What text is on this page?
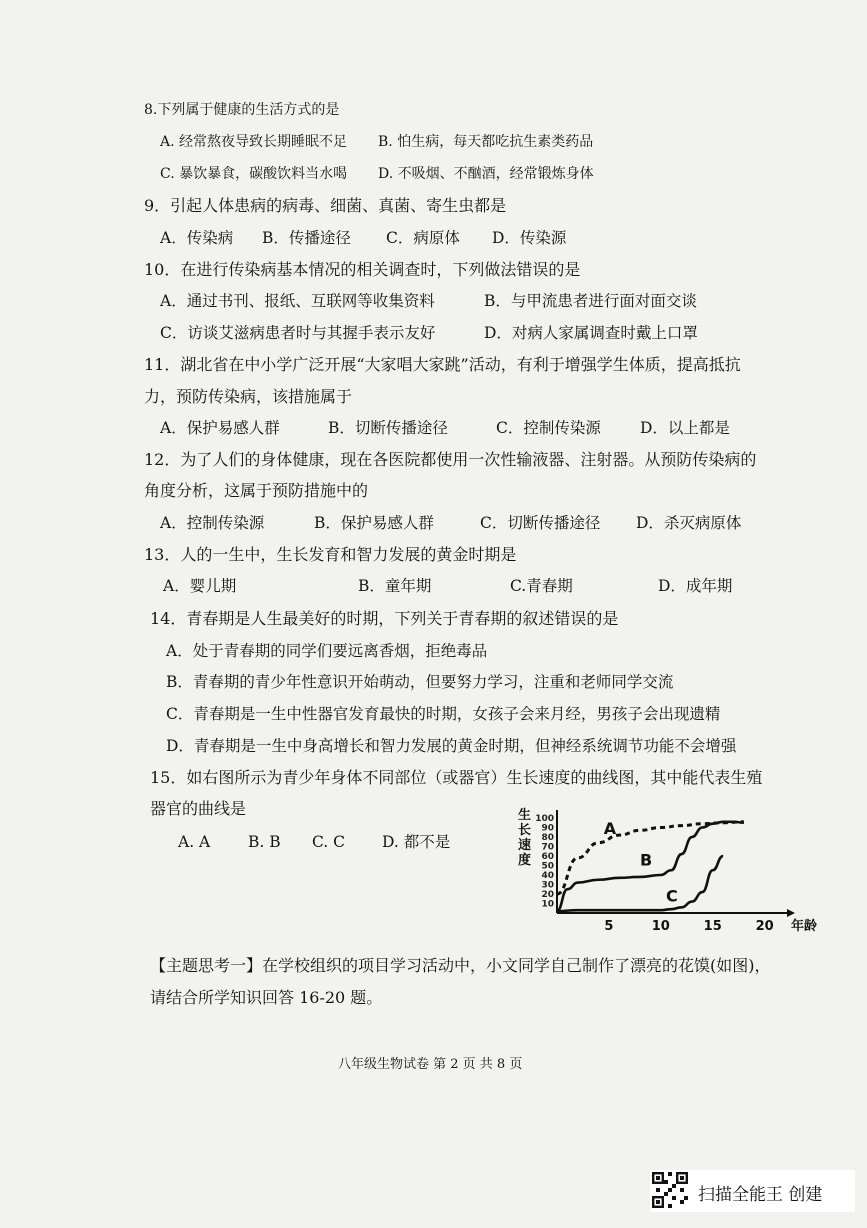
8.下列属于健康的生活方式的是
A. 经常熬夜导致长期睡眠不足 B. 怕生病，每天都吃抗生素类药品
C. 暴饮暴食，碳酸饮料当水喝 D. 不吸烟、不酗酒，经常锻炼身体
9．引起人体患病的病毒、细菌、真菌、寄生虫都是
A．传染病 B．传播途径 C．病原体 D．传染源
10．在进行传染病基本情况的相关调查时，下列做法错误的是
A．通过书刊、报纸、互联网等收集资料	B．与甲流患者进行面对面交谈
C．访谈艾滋病患者时与其握手表示友好	D．对病人家属调查时戴上口罩
11．湖北省在中小学广泛开展“大家唱大家跳”活动，有利于增强学生体质，提高抵抗
力，预防传染病，该措施属于
A．保护易感人群	B．切断传播途径	C．控制传染源	D．以上都是
12．为了人们的身体健康，现在各医院都使用一次性输液器、注射器。从预防传染病的
角度分析，这属于预防措施中的
A．控制传染源	B．保护易感人群	C．切断传播途径 D．杀灭病原体
13．人的一生中，生长发育和智力发展的黄金时期是
A．婴儿期	B．童年期	C.青春期	D．成年期
14．青春期是人生最美好的时期，下列关于青春期的叙述错误的是
A．处于青春期的同学们要远离香烟，拒绝毒品
B．青春期的青少年性意识开始萌动，但要努力学习，注重和老师同学交流
C．青春期是一生中性器官发育最快的时期，女孩子会来月经，男孩子会出现遗精
D．青春期是一生中身高增长和智力发展的黄金时期，但神经系统调节功能不会增强
15．如右图所示为青少年身体不同部位（或器官）生长速度的曲线图，其中能代表生殖
器官的曲线是
A. A B. B C. C D. 都不是
生
长
速
度
100
90
80
70
60
50
40
30
20
10
5	10	15	20 年龄
A
B
C
【主题思考一】在学校组织的项目学习活动中，小文同学自己制作了漂亮的花馍(如图)，
请结合所学知识回答 16-20 题。
八年级生物试卷 第 2 页 共 8 页
扫描全能王 创建
